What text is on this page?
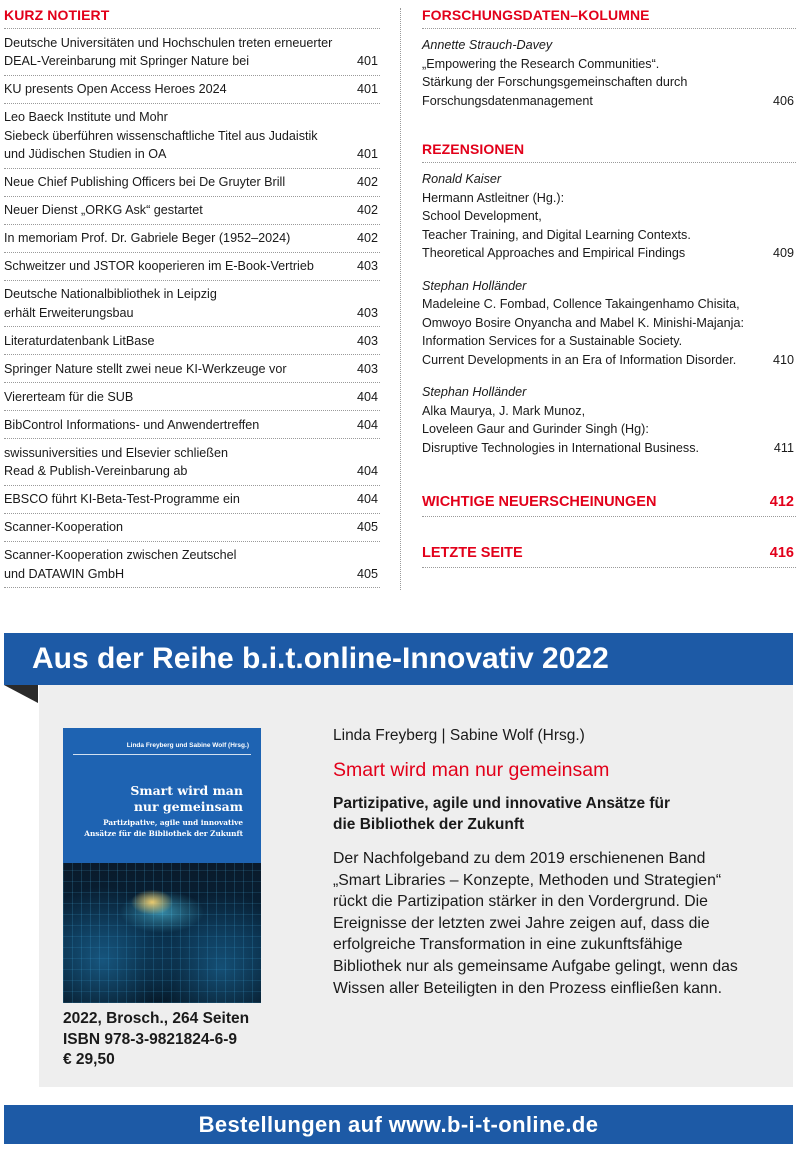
KURZ NOTIERT
Deutsche Universitäten und Hochschulen treten erneuerter
DEAL-Vereinbarung mit Springer Nature bei	401
KU presents Open Access Heroes 2024	401
Leo Baeck Institute und Mohr
Siebeck überführen wissenschaftliche Titel aus Judaistik
und Jüdischen Studien in OA	401
Neue Chief Publishing Officers bei De Gruyter Brill	402
Neuer Dienst „ORKG Ask“ gestartet	402
In memoriam Prof. Dr. Gabriele Beger (1952–2024)	402
Schweitzer und JSTOR kooperieren im E-Book-Vertrieb	403
Deutsche Nationalbibliothek in Leipzig
erhält Erweiterungsbau	403
Literaturdatenbank LitBase	403
Springer Nature stellt zwei neue KI-Werkzeuge vor	403
Viererteam für die SUB	404
BibControl Informations- und Anwendertreffen	404
swissuniversities und Elsevier schließen
Read & Publish-Vereinbarung ab	404
EBSCO führt KI-Beta-Test-Programme ein	404
Scanner-Kooperation	405
Scanner-Kooperation zwischen Zeutschel
und DATAWIN GmbH	405
FORSCHUNGSDATEN–KOLUMNE
Annette Strauch-Davey
„Empowering the Research Communities“.
Stärkung der Forschungsgemeinschaften durch
Forschungsdatenmanagement	406
REZENSIONEN
Ronald Kaiser
Hermann Astleitner (Hg.):
School Development,
Teacher Training, and Digital Learning Contexts.
Theoretical Approaches and Empirical Findings	409
Stephan Holländer
Madeleine C. Fombad, Collence Takaingenhamo Chisita,
Omwoyo Bosire Onyancha and Mabel K. Minishi-Majanja:
Information Services for a Sustainable Society.
Current Developments in an Era of Information Disorder.	410
Stephan Holländer
Alka Maurya, J. Mark Munoz,
Loveleen Gaur and Gurinder Singh (Hg):
Disruptive Technologies in International Business.	411
WICHTIGE NEUERSCHEINUNGEN	412
LETZTE SEITE	416
Aus der Reihe b.i.t.online-Innovativ 2022
Linda Freyberg und Sabine Wolf (Hrsg.)
Smart wird man
nur gemeinsam
Partizipative, agile und innovative
Ansätze für die Bibliothek der Zukunft
2022, Brosch., 264 Seiten
ISBN 978-3-9821824-6-9
€ 29,50
Linda Freyberg | Sabine Wolf (Hrsg.)
Smart wird man nur gemeinsam
Partizipative, agile und innovative Ansätze für
die Bibliothek der Zukunft
Der Nachfolgeband zu dem 2019 erschienenen Band
„Smart Libraries – Konzepte, Methoden und Strategien“
rückt die Partizipation stärker in den Vordergrund. Die
Ereignisse der letzten zwei Jahre zeigen auf, dass die
erfolgreiche Transformation in eine zukunftsfähige
Bibliothek nur als gemeinsame Aufgabe gelingt, wenn das
Wissen aller Beteiligten in den Prozess einfließen kann.
Bestellungen auf www.b-i-t-online.de
